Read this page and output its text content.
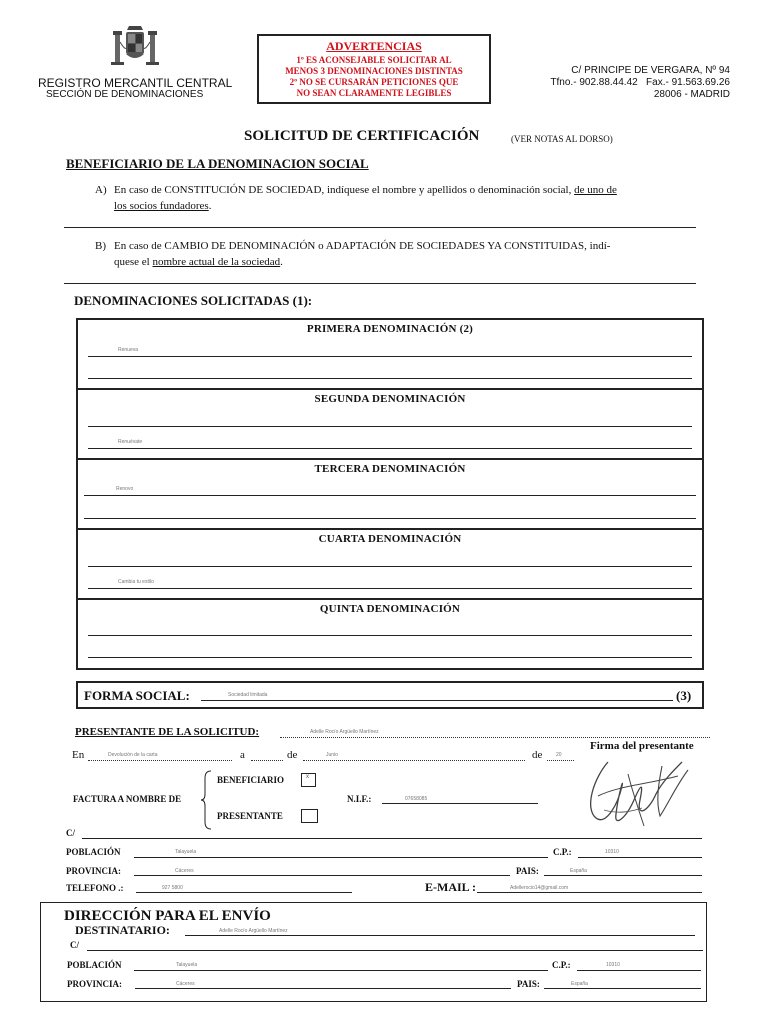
REGISTRO MERCANTIL CENTRAL
SECCIÓN DE DENOMINACIONES
ADVERTENCIAS
1º ES ACONSEJABLE SOLICITAR AL
MENOS 3 DENOMINACIONES DISTINTAS
2º NO SE CURSARÁN PETICIONES QUE
NO SEAN CLARAMENTE LEGIBLES
C/ PRINCIPE DE VERGARA, Nº 94
Tfno.- 902.88.44.42   Fax.- 91.563.69.26
28006 - MADRID
SOLICITUD DE CERTIFICACIÓN	(VER NOTAS AL DORSO)
BENEFICIARIO DE LA DENOMINACION SOCIAL
A) En caso de CONSTITUCIÓN DE SOCIEDAD, indíquese el nombre y apellidos o denominación social, de uno de
los socios fundadores.
B) En caso de CAMBIO DE DENOMINACIÓN o ADAPTACIÓN DE SOCIEDADES YA CONSTITUIDAS, indí-
quese el nombre actual de la sociedad.
DENOMINACIONES SOLICITADAS (1):
PRIMERA DENOMINACIÓN (2)
Renueva
SEGUNDA DENOMINACIÓN
Renuévate
TERCERA DENOMINACIÓN
Renovo
CUARTA DENOMINACIÓN
Cambia tu estilo
QUINTA DENOMINACIÓN
FORMA SOCIAL:	Sociedad limitada	(3)
PRESENTANTE DE LA SOLICITUD:	Adelle Rocío Argüello Martínez
En	Devolución de la carta	a	de	Junio	de	20
Firma del presentante
FACTURA A NOMBRE DE
BENEFICIARIO	x
PRESENTANTE
N.I.F.:	07658085
C/
POBLACIÓN	Talayuela	C.P.:	10310
PROVINCIA:	Cáceres	PAIS:	España
TELEFONO .:	927 5800	E-MAIL :	Adellerocio14@gmail.com
DIRECCIÓN PARA EL ENVÍO
DESTINATARIO:	Adelle Rocío Argüello Martínez
C/
POBLACIÓN	Talayuela	C.P.:	10310
PROVINCIA:	Cáceres	PAIS:	España
